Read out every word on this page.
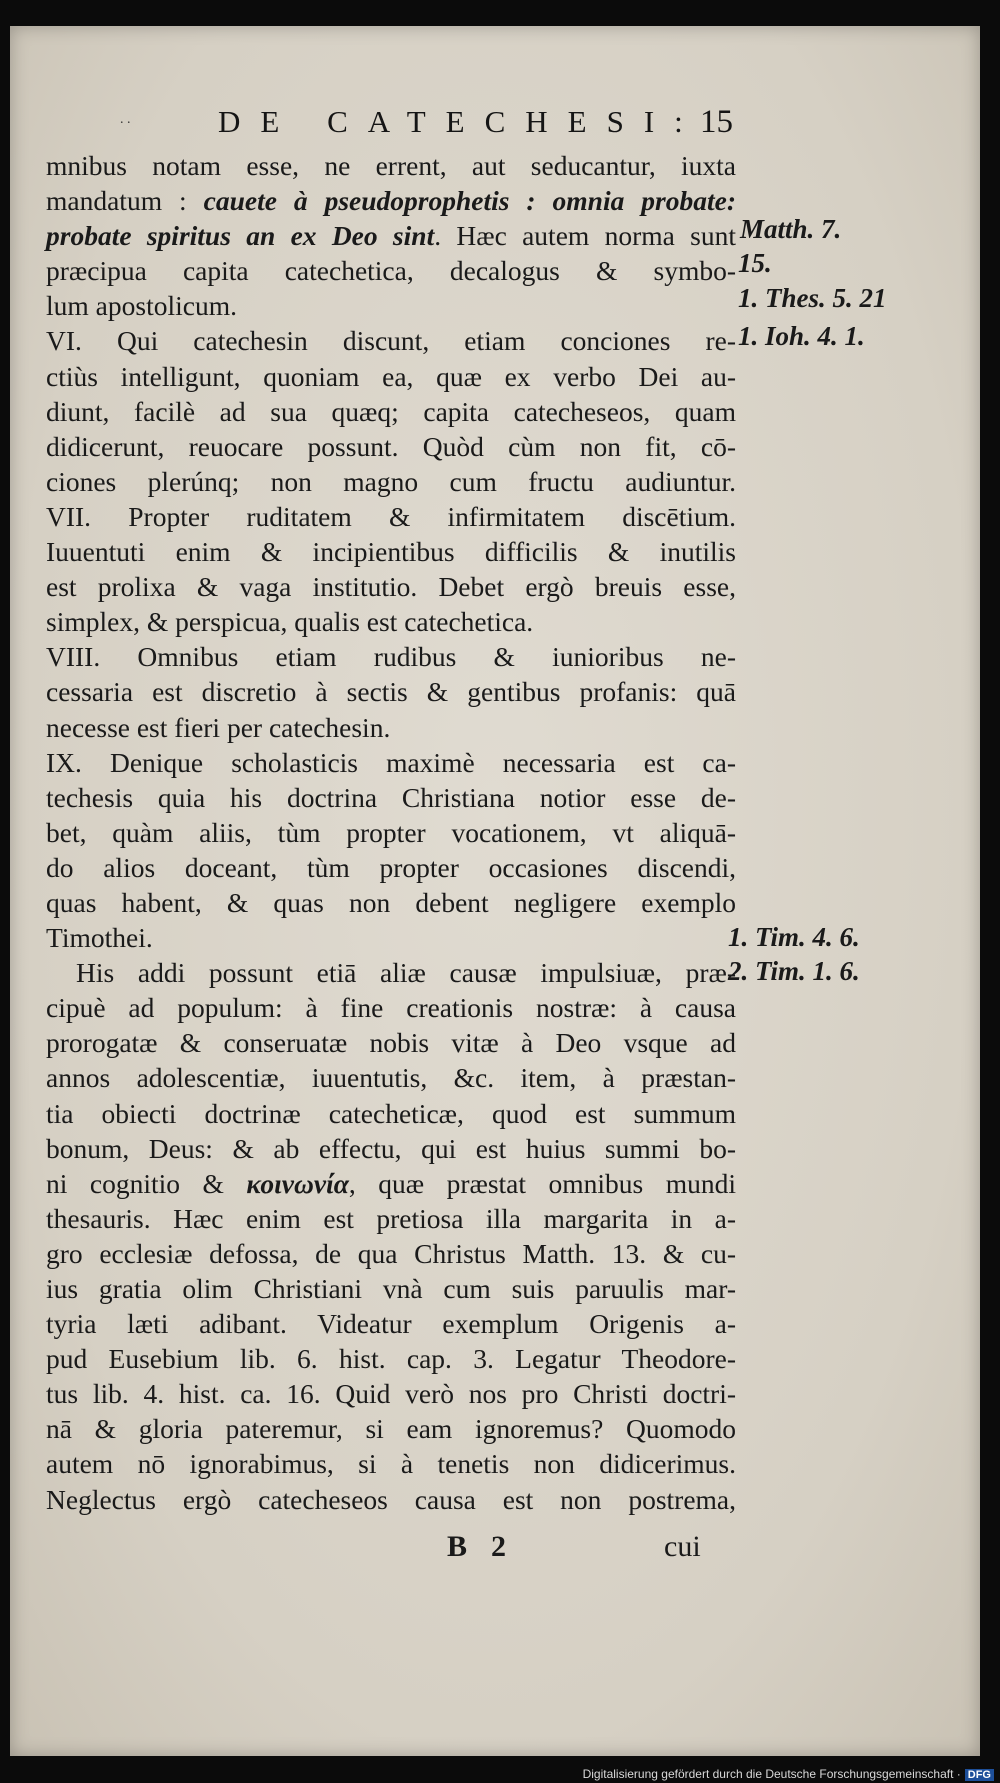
. .	DE CATECHESI:
15
mnibus notam esse, ne errent, aut seducantur, iuxta
mandatum : cauete à pseudoprophetis : omnia probate:
probate spiritus an ex Deo sint. Hæc autem norma sunt
præcipua capita catechetica, decalogus & symbo-
lum apostolicum.
VI. Qui catechesin discunt, etiam conciones re-
ctiùs intelligunt, quoniam ea, quæ ex verbo Dei au-
diunt, facilè ad sua quæq; capita catecheseos, quam
didicerunt, reuocare possunt. Quòd cùm non fit, cō-
ciones plerúnq; non magno cum fructu audiuntur.
VII. Propter ruditatem & infirmitatem discētium.
Iuuentuti enim & incipientibus difficilis & inutilis
est prolixa & vaga institutio. Debet ergò breuis esse,
simplex, & perspicua, qualis est catechetica.
VIII. Omnibus etiam rudibus & iunioribus ne-
cessaria est discretio à sectis & gentibus profanis: quā
necesse est fieri per catechesin.
IX. Denique scholasticis maximè necessaria est ca-
techesis quia his doctrina Christiana notior esse de-
bet, quàm aliis, tùm propter vocationem, vt aliquā-
do alios doceant, tùm propter occasiones discendi,
quas habent, & quas non debent negligere exemplo
Timothei.
His addi possunt etiā aliæ causæ impulsiuæ, præ-
cipuè ad populum: à fine creationis nostræ: à causa
prorogatæ & conseruatæ nobis vitæ à Deo vsque ad
annos adolescentiæ, iuuentutis, &c. item, à præstan-
tia obiecti doctrinæ catecheticæ, quod est summum
bonum, Deus: & ab effectu, qui est huius summi bo-
ni cognitio & κοινωνία, quæ præstat omnibus mundi
thesauris. Hæc enim est pretiosa illa margarita in a-
gro ecclesiæ defossa, de qua Christus Matth. 13. & cu-
ius gratia olim Christiani vnà cum suis paruulis mar-
tyria læti adibant. Videatur exemplum Origenis a-
pud Eusebium lib. 6. hist. cap. 3. Legatur Theodore-
tus lib. 4. hist. ca. 16. Quid verò nos pro Christi doctri-
nā & gloria pateremur, si eam ignoremus? Quomodo
autem nō ignorabimus, si à tenetis non didicerimus.
Neglectus ergò catecheseos causa est non postrema,
Matth. 7.
15.
1. Thes. 5. 21
1. Ioh. 4. 1.
1. Tim. 4. 6.
2. Tim. 1. 6.
B 2	cui
Digitalisierung gefördert durch die Deutsche Forschungsgemeinschaft · DFG
